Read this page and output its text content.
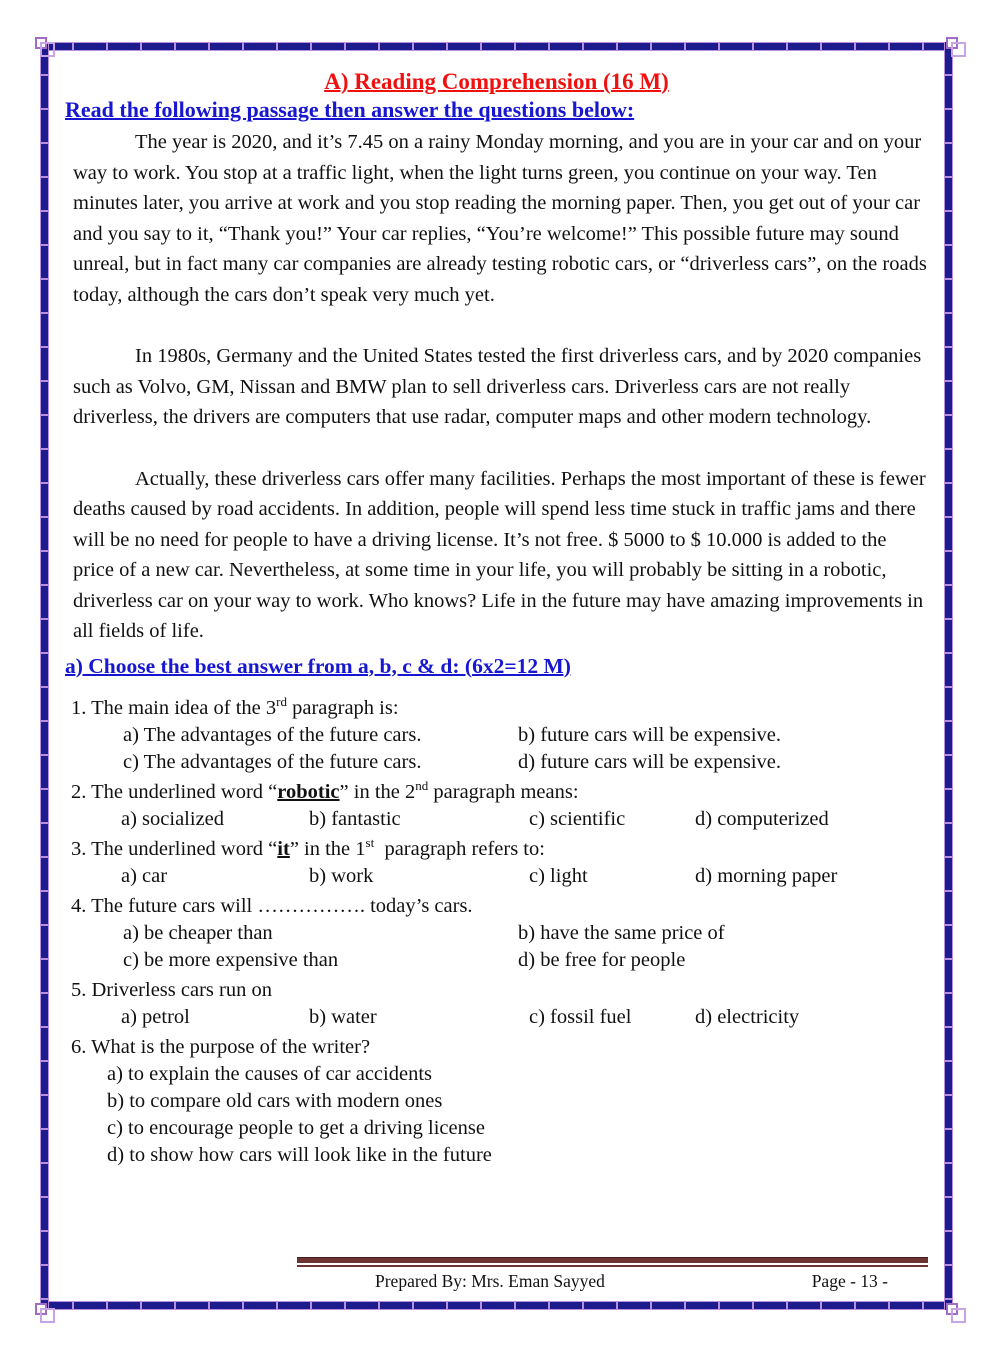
A) Reading Comprehension (16 M)
Read the following passage then answer the questions below:

The year is 2020, and it’s 7.45 on a rainy Monday morning, and you are in your car and on your way to work. You stop at a traffic light, when the light turns green, you continue on your way. Ten minutes later, you arrive at work and you stop reading the morning paper. Then, you get out of your car and you say to it, “Thank you!” Your car replies, “You’re welcome!” This possible future may sound unreal, but in fact many car companies are already testing robotic cars, or “driverless cars”, on the roads today, although the cars don’t speak very much yet.

In 1980s, Germany and the United States tested the first driverless cars, and by 2020 companies such as Volvo, GM, Nissan and BMW plan to sell driverless cars. Driverless cars are not really driverless, the drivers are computers that use radar, computer maps and other modern technology.

Actually, these driverless cars offer many facilities. Perhaps the most important of these is fewer deaths caused by road accidents. In addition, people will spend less time stuck in traffic jams and there will be no need for people to have a driving license. It’s not free. $ 5000 to $ 10.000 is added to the price of a new car. Nevertheless, at some time in your life, you will probably be sitting in a robotic, driverless car on your way to work. Who knows? Life in the future may have amazing improvements in all fields of life.

a) Choose the best answer from a, b, c & d: (6x2=12 M)
1. The main idea of the 3rd paragraph is:
a) The advantages of the future cars.	b) future cars will be expensive.
c) The advantages of the future cars.	d) future cars will be expensive.
2. The underlined word “robotic” in the 2nd paragraph means:
a) socialized	b) fantastic	c) scientific	d) computerized
3. The underlined word “it” in the 1st  paragraph refers to:
a) car	b) work	c) light	d) morning paper
4. The future cars will ……………. today’s cars.
a) be cheaper than	b) have the same price of
c) be more expensive than	d) be free for people
5. Driverless cars run on
a) petrol	b) water	c) fossil fuel	d) electricity
6. What is the purpose of the writer?
a) to explain the causes of car accidents
b) to compare old cars with modern ones
c) to encourage people to get a driving license
d) to show how cars will look like in the future
Prepared By: Mrs. Eman Sayyed	Page - 13 -
